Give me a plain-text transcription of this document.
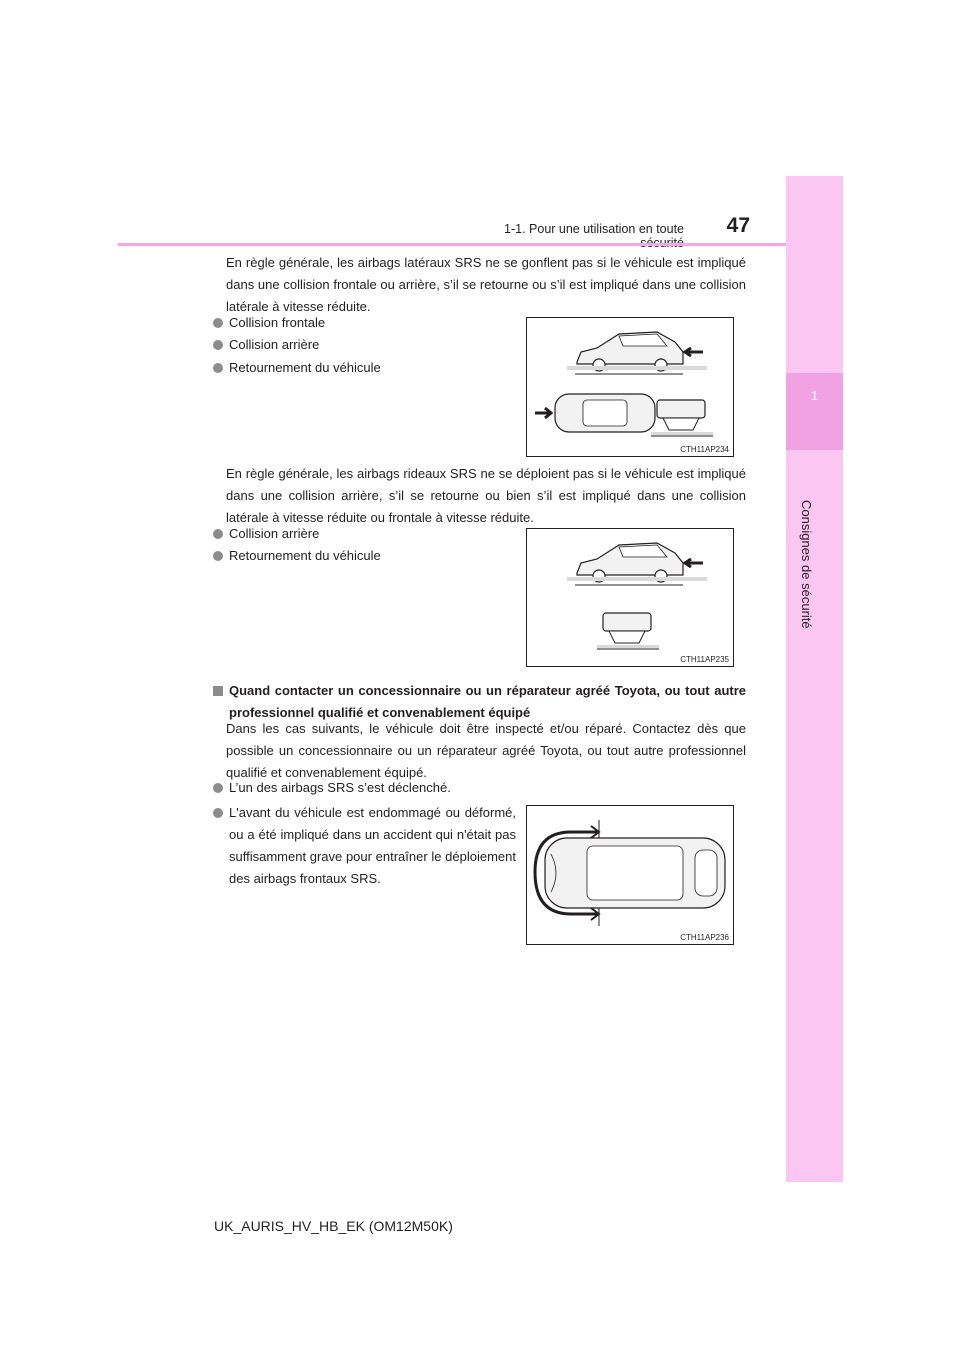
1
Consignes de sécurité
1-1. Pour une utilisation en toute	47

En règle générale, les airbags latéraux SRS ne se gonflent pas si le véhicule est impliqué dans une collision frontale ou arrière, s’il se retourne ou s’il est impliqué dans une collision latérale à vitesse réduite.

Collision frontale
Collision arrière
Retournement du véhicule
CTH11AP234

En règle générale, les airbags rideaux SRS ne se déploient pas si le véhicule est impliqué dans une collision arrière, s’il se retourne ou bien s’il est impliqué dans une collision latérale à vitesse réduite ou frontale à vitesse réduite.

Collision arrière
Retournement du véhicule
CTH11AP235
Quand contacter un concessionnaire ou un réparateur agréé Toyota, ou tout autre professionnel qualifié et convenablement équipé

Dans les cas suivants, le véhicule doit être inspecté et/ou réparé. Contactez dès que possible un concessionnaire ou un réparateur agréé Toyota, ou tout autre professionnel qualifié et convenablement équipé.

L’un des airbags SRS s’est déclenché.
L'avant du véhicule est endommagé ou déformé, ou a été impliqué dans un accident qui n'était pas suffisamment grave pour entraîner le déploiement des airbags frontaux SRS.
CTH11AP236
UK_AURIS_HV_HB_EK (OM12M50K)
